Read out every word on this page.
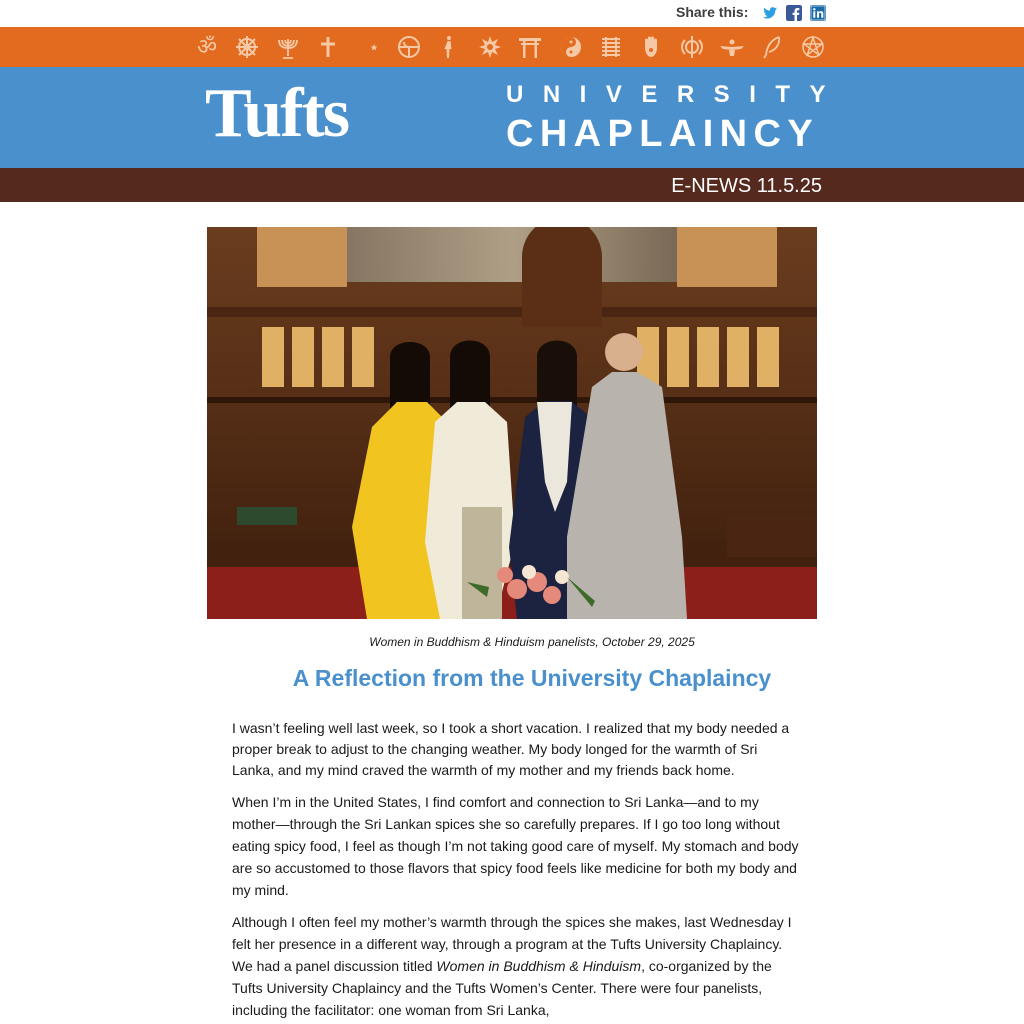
Share this:
ॐ
Tufts	UNIVERSITY
CHAPLAINCY
E-NEWS 11.5.25
Women in Buddhism & Hinduism panelists, October 29, 2025
A Reflection from the University Chaplaincy

I wasn’t feeling well last week, so I took a short vacation. I realized that my body needed a proper break to adjust to the changing weather. My body longed for the warmth of Sri Lanka, and my mind craved the warmth of my mother and my friends back home.

When I’m in the United States, I find comfort and connection to Sri Lanka—and to my mother—through the Sri Lankan spices she so carefully prepares. If I go too long without eating spicy food, I feel as though I’m not taking good care of myself. My stomach and body are so accustomed to those flavors that spicy food feels like medicine for both my body and my mind.

Although I often feel my mother’s warmth through the spices she makes, last Wednesday I felt her presence in a different way, through a program at the Tufts University Chaplaincy. We had a panel discussion titled Women in Buddhism & Hinduism, co-organized by the Tufts University Chaplaincy and the Tufts Women’s Center. There were four panelists, including the facilitator: one woman from Sri Lanka,
